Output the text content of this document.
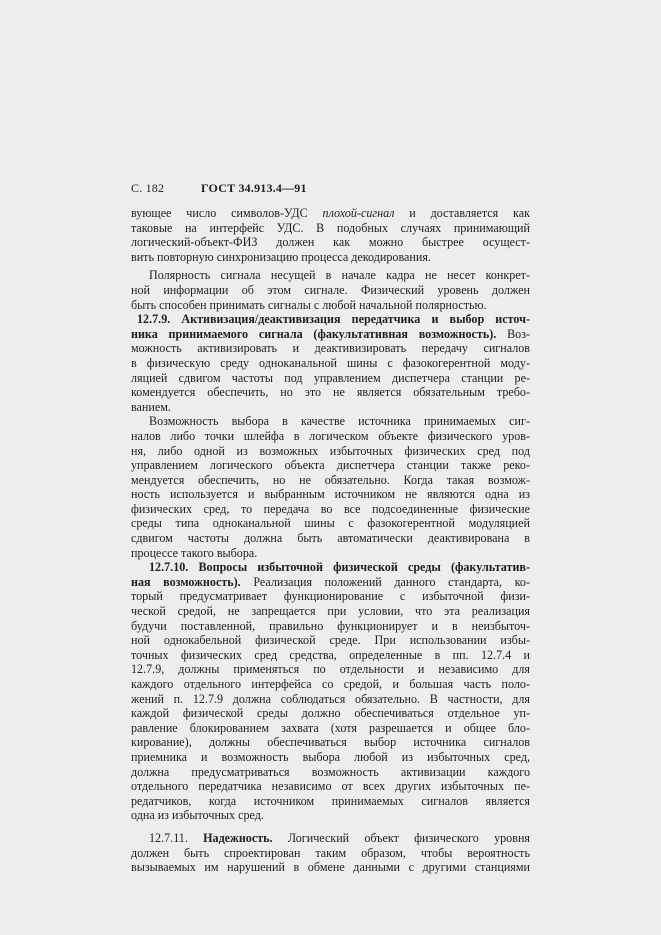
С. 182	ГОСТ 34.913.4—91

вующее число символов-УДС плохой-сигнал и доставляется как
таковые на интерфейс УДС. В подобных случаях принимающий
логический-объект-ФИЗ должен как можно быстрее осущест-
вить повторную синхронизацию процесса декодирования.

Полярность сигнала несущей в начале кадра не несет конкрет-
ной информации об этом сигнале. Физический уровень должен
быть способен принимать сигналы с любой начальной полярностью.

12.7.9. Активизация/деактивизация передатчика и выбор источ-
ника принимаемого сигнала (факультативная возможность). Воз-
можность активизировать и деактивизировать передачу сигналов
в физическую среду одноканальной шины с фазокогерентной моду-
ляцией сдвигом частоты под управлением диспетчера станции ре-
комендуется обеспечить, но это не является обязательным требо-
ванием.

Возможность выбора в качестве источника принимаемых сиг-
налов либо точки шлейфа в логическом объекте физического уров-
ня, либо одной из возможных избыточных физических сред под
управлением логического объекта диспетчера станции также реко-
мендуется обеспечить, но не обязательно. Когда такая возмож-
ность используется и выбранным источником не являются одна из
физических сред, то передача во все подсоединенные физические
среды типа одноканальной шины с фазокогерентной модуляцией
сдвигом частоты должна быть автоматически деактивирована в
процессе такого выбора.

12.7.10. Вопросы избыточной физической среды (факультатив-
ная возможность). Реализация положений данного стандарта, ко-
торый предусматривает функционирование с избыточной физи-
ческой средой, не запрещается при условии, что эта реализация
будучи поставленной, правильно функционирует и в неизбыточ-
ной однокабельной физической среде. При использовании избы-
точных физических сред средства, определенные в пп. 12.7.4 и
12.7.9, должны применяться по отдельности и независимо для
каждого отдельного интерфейса со средой, и большая часть поло-
жений п. 12.7.9 должна соблюдаться обязательно. В частности, для
каждой физической среды должно обеспечиваться отдельное уп-
равление блокированием захвата (хотя разрешается и общее бло-
кирование), должны обеспечиваться выбор источника сигналов
приемника и возможность выбора любой из избыточных сред,
должна предусматриваться возможность активизации каждого
отдельного передатчика независимо от всех других избыточных пе-
редатчиков, когда источником принимаемых сигналов является
одна из избыточных сред.

12.7.11. Надежность. Логический объект физического уровня
должен быть спроектирован таким образом, чтобы вероятность
вызываемых им нарушений в обмене данными с другими станциями
